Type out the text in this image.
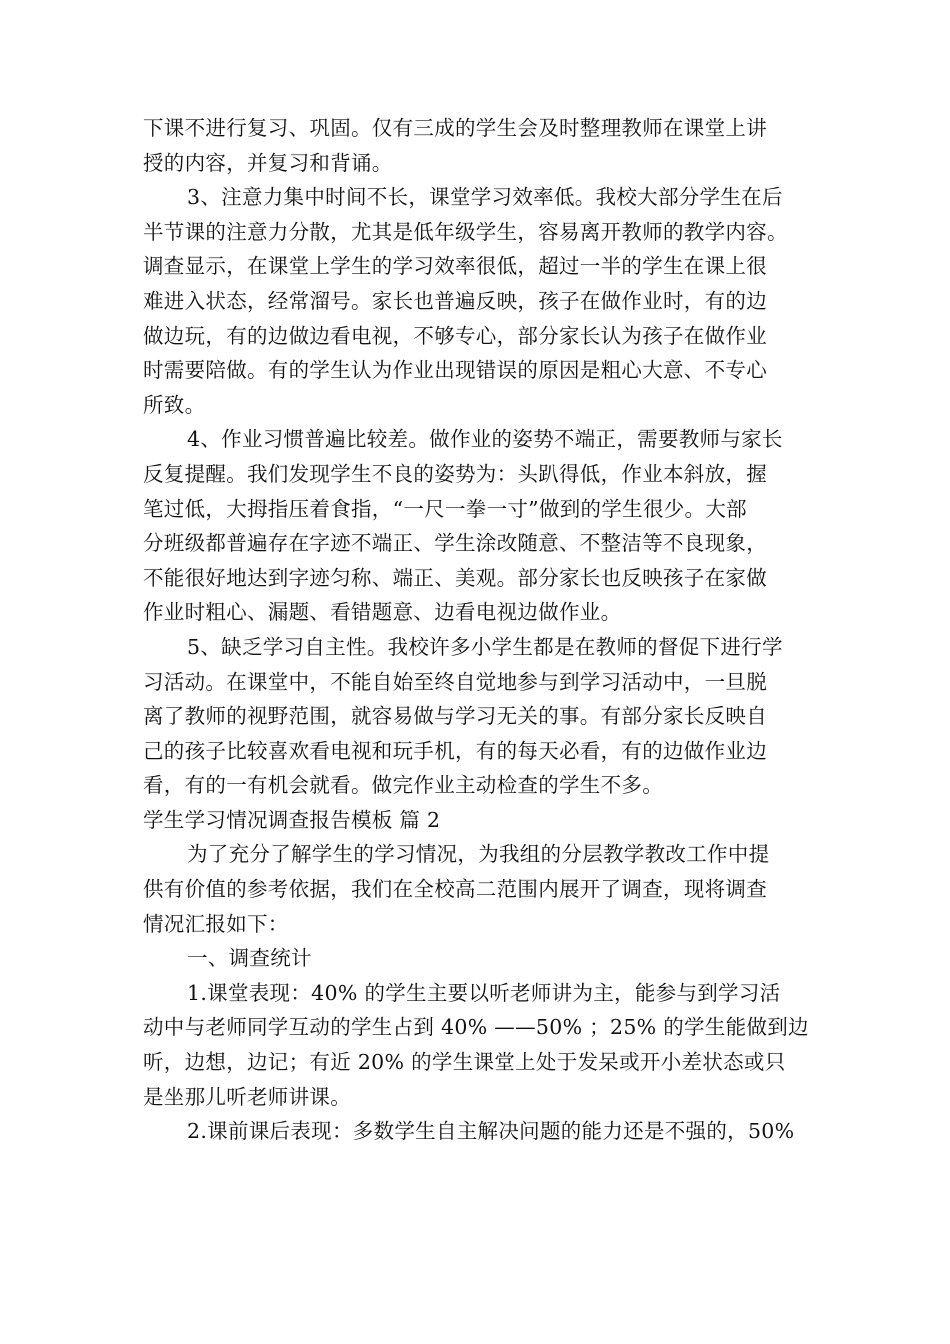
下课不进行复习、巩固。仅有三成的学生会及时整理教师在课堂上讲
授的内容，并复习和背诵。
3、注意力集中时间不长，课堂学习效率低。我校大部分学生在后
半节课的注意力分散，尤其是低年级学生，容易离开教师的教学内容。
调查显示，在课堂上学生的学习效率很低，超过一半的学生在课上很
难进入状态，经常溜号。家长也普遍反映，孩子在做作业时，有的边
做边玩，有的边做边看电视，不够专心，部分家长认为孩子在做作业
时需要陪做。有的学生认为作业出现错误的原因是粗心大意、不专心
所致。
4、作业习惯普遍比较差。做作业的姿势不端正，需要教师与家长
反复提醒。我们发现学生不良的姿势为：头趴得低，作业本斜放，握
笔过低，大拇指压着食指，“一尺一拳一寸”做到的学生很少。大部
分班级都普遍存在字迹不端正、学生涂改随意、不整洁等不良现象，
不能很好地达到字迹匀称、端正、美观。部分家长也反映孩子在家做
作业时粗心、漏题、看错题意、边看电视边做作业。
5、缺乏学习自主性。我校许多小学生都是在教师的督促下进行学
习活动。在课堂中，不能自始至终自觉地参与到学习活动中，一旦脱
离了教师的视野范围，就容易做与学习无关的事。有部分家长反映自
己的孩子比较喜欢看电视和玩手机，有的每天必看，有的边做作业边
看，有的一有机会就看。做完作业主动检查的学生不多。
学生学习情况调查报告模板 篇 2
为了充分了解学生的学习情况，为我组的分层教学教改工作中提
供有价值的参考依据，我们在全校高二范围内展开了调查，现将调查
情况汇报如下：
一、调查统计
1.课堂表现：40% 的学生主要以听老师讲为主，能参与到学习活
动中与老师同学互动的学生占到 40% ——50% ；25% 的学生能做到边
听，边想，边记；有近 20% 的学生课堂上处于发呆或开小差状态或只
是坐那儿听老师讲课。
2.课前课后表现：多数学生自主解决问题的能力还是不强的，50%
